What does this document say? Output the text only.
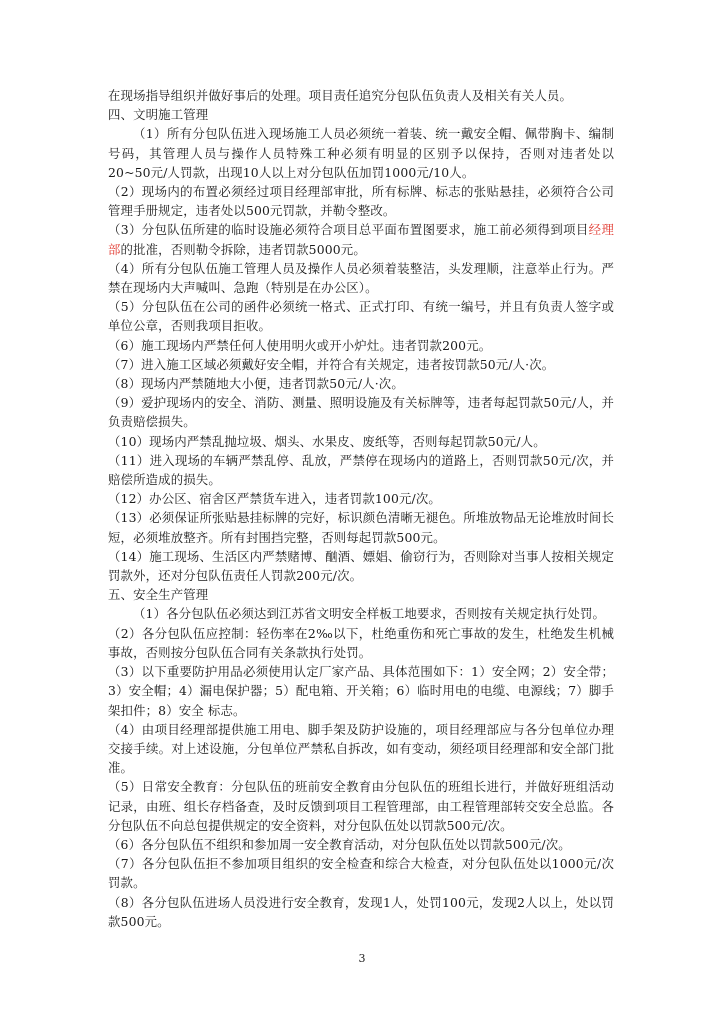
在现场指导组织并做好事后的处理。项目责任追究分包队伍负责人及相关有关人员。

四、文明施工管理

（1）所有分包队伍进入现场施工人员必须统一着装、统一戴安全帽、佩带胸卡、编制号码，其管理人员与操作人员特殊工种必须有明显的区别予以保持，否则对违者处以20~50元/人罚款，出现10人以上对分包队伍加罚1000元/10人。

（2）现场内的布置必须经过项目经理部审批，所有标牌、标志的张贴悬挂，必须符合公司管理手册规定，违者处以500元罚款，并勒令整改。

（3）分包队伍所建的临时设施必须符合项目总平面布置图要求，施工前必须得到项目经理部的批准，否则勒令拆除，违者罚款5000元。

（4）所有分包队伍施工管理人员及操作人员必须着装整洁，头发理顺，注意举止行为。严禁在现场内大声喊叫、急跑（特别是在办公区）。

（5）分包队伍在公司的函件必须统一格式、正式打印、有统一编号，并且有负责人签字或单位公章，否则我项目拒收。

（6）施工现场内严禁任何人使用明火或开小炉灶。违者罚款200元。

（7）进入施工区域必须戴好安全帽，并符合有关规定，违者按罚款50元/人·次。

（8）现场内严禁随地大小便，违者罚款50元/人·次。

（9）爱护现场内的安全、消防、测量、照明设施及有关标牌等，违者每起罚款50元/人，并负责赔偿损失。

（10）现场内严禁乱抛垃圾、烟头、水果皮、废纸等，否则每起罚款50元/人。

（11）进入现场的车辆严禁乱停、乱放，严禁停在现场内的道路上，否则罚款50元/次，并赔偿所造成的损失。

（12）办公区、宿舍区严禁货车进入，违者罚款100元/次。

（13）必须保证所张贴悬挂标牌的完好，标识颜色清晰无褪色。所堆放物品无论堆放时间长短，必须堆放整齐。所有封围挡完整，否则每起罚款500元。

（14）施工现场、生活区内严禁赌博、酗酒、嫖娼、偷窃行为，否则除对当事人按相关规定罚款外，还对分包队伍责任人罚款200元/次。

五、安全生产管理

（1）各分包队伍必须达到江苏省文明安全样板工地要求，否则按有关规定执行处罚。

（2）各分包队伍应控制：轻伤率在2‰以下，杜绝重伤和死亡事故的发生，杜绝发生机械事故，否则按分包队伍合同有关条款执行处罚。

（3）以下重要防护用品必须使用认定厂家产品、具体范围如下：1）安全网；2）安全带；3）安全帽；4）漏电保护器；5）配电箱、开关箱；6）临时用电的电缆、电源线；7）脚手架扣件；8）安全 标志。

（4）由项目经理部提供施工用电、脚手架及防护设施的，项目经理部应与各分包单位办理交接手续。对上述设施，分包单位严禁私自拆改，如有变动，须经项目经理部和安全部门批准。

（5）日常安全教育：分包队伍的班前安全教育由分包队伍的班组长进行，并做好班组活动记录，由班、组长存档备查，及时反馈到项目工程管理部，由工程管理部转交安全总监。各分包队伍不向总包提供规定的安全资料，对分包队伍处以罚款500元/次。

（6）各分包队伍不组织和参加周一安全教育活动，对分包队伍处以罚款500元/次。

（7）各分包队伍拒不参加项目组织的安全检查和综合大检查，对分包队伍处以1000元/次罚款。

（8）各分包队伍进场人员没进行安全教育，发现1人，处罚100元，发现2人以上，处以罚款500元。

3
